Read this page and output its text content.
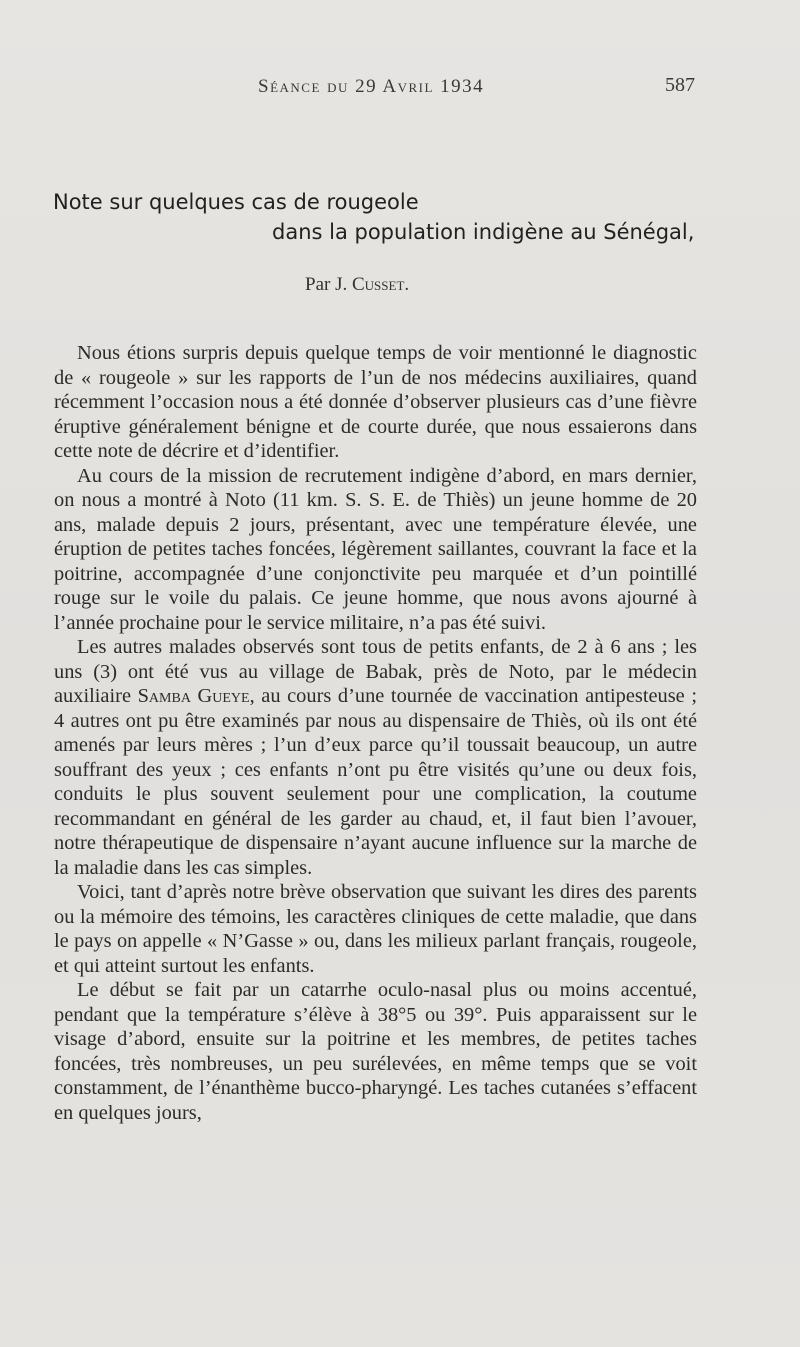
Séance du 29 Avril 1934	587
Note sur quelques cas de rougeole
dans la population indigène au Sénégal,
Par J. Cusset.

Nous étions surpris depuis quelque temps de voir mentionné le diagnostic de « rougeole » sur les rapports de l’un de nos médecins auxiliaires, quand récemment l’occasion nous a été donnée d’observer plusieurs cas d’une fièvre éruptive généralement bénigne et de courte durée, que nous essaierons dans cette note de décrire et d’identifier.

Au cours de la mission de recrutement indigène d’abord, en mars dernier, on nous a montré à Noto (11 km. S. S. E. de Thiès) un jeune homme de 20 ans, malade depuis 2 jours, présentant, avec une température élevée, une éruption de petites taches foncées, légèrement saillantes, couvrant la face et la poitrine, accompagnée d’une conjonctivite peu marquée et d’un pointillé rouge sur le voile du palais. Ce jeune homme, que nous avons ajourné à l’année prochaine pour le service militaire, n’a pas été suivi.

Les autres malades observés sont tous de petits enfants, de 2 à 6 ans ; les uns (3) ont été vus au village de Babak, près de Noto, par le médecin auxiliaire Samba Gueye, au cours d’une tournée de vaccination antipesteuse ; 4 autres ont pu être examinés par nous au dispensaire de Thiès, où ils ont été amenés par leurs mères ; l’un d’eux parce qu’il toussait beaucoup, un autre souffrant des yeux ; ces enfants n’ont pu être visités qu’une ou deux fois, conduits le plus souvent seulement pour une complication, la coutume recommandant en général de les garder au chaud, et, il faut bien l’avouer, notre thérapeutique de dispensaire n’ayant aucune influence sur la marche de la maladie dans les cas simples.

Voici, tant d’après notre brève observation que suivant les dires des parents ou la mémoire des témoins, les caractères cliniques de cette maladie, que dans le pays on appelle « N’Gasse » ou, dans les milieux parlant français, rougeole, et qui atteint surtout les enfants.

Le début se fait par un catarrhe oculo-nasal plus ou moins accentué, pendant que la température s’élève à 38°5 ou 39°. Puis apparaissent sur le visage d’abord, ensuite sur la poitrine et les membres, de petites taches foncées, très nombreuses, un peu surélevées, en même temps que se voit constamment, de l’énanthème bucco-pharyngé. Les taches cutanées s’effacent en quelques jours,
